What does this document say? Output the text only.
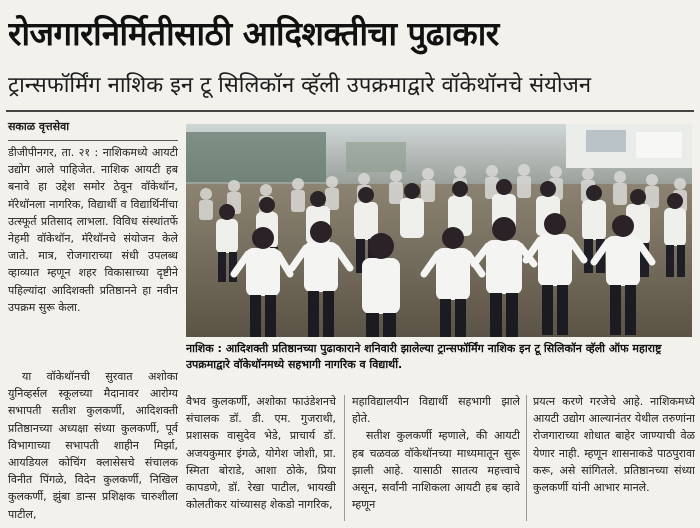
रोजगारनिर्मितीसाठी आदिशक्तीचा पुढाकार
ट्रान्सफॉर्मिंग नाशिक इन टू सिलिकॉन व्हॅली उपक्रमाद्वारे वॉकेथॉनचे संयोजन
सकाळ वृत्तसेवा

डीजीपीनगर, ता. २१ : नाशिकमध्ये आयटी उद्योग आले पाहिजेत. नाशिक आयटी हब बनावे हा उद्देश समोर ठेवून वॉकेथॉन, मॅरेथॉनला नागरिक, विद्यार्थी व विद्यार्थिनींचा उत्स्फूर्त प्रतिसाद लाभला. विविध संस्थांतर्फे नेहमी वॉकेथॉन, मॅरेथॉनचे संयोजन केले जाते. मात्र, रोजगाराच्या संधी उपलब्ध व्हाव्यात म्हणून शहर विकासाच्या दृष्टीने पहिल्यांदा आदिशक्ती प्रतिष्ठानने हा नवीन उपक्रम सुरू केला.

या वॉकेथॉनची सुरवात अशोका युनिव्हर्सल स्कूलच्या मैदानावर आरोग्य सभापती सतीश कुलकर्णी, आदिशक्ती प्रतिष्ठानच्या अध्यक्षा संध्या कुलकर्णी, पूर्व विभागाच्या सभापती शाहीन मिर्झा, आयडियल कोचिंग क्लासेसचे संचालक विनीत पिंगळे, विदेन कुलकर्णी, निखिल कुलकर्णी, झुंबा डान्स प्रशिक्षक चारुशीला पाटील,

नाशिक : आदिशक्ती प्रतिष्ठानच्या पुढाकाराने शनिवारी झालेल्या ट्रान्सफॉर्मिंग नाशिक इन टू सिलिकॉन व्हॅली ऑफ महाराष्ट्र उपक्रमाद्वारे वॉकेथॉनमध्ये सहभागी नागरिक व विद्यार्थी.

वैभव कुलकर्णी, अशोका फाउंडेशनचे संचालक डॉ. डी. एम. गुजराथी, प्रशासक वासुदेव भेडे, प्राचार्य डॉ. अजयकुमार इंगळे, योगेश जोशी, प्रा. स्मिता बोराडे, आशा ठोके, प्रिया कापडणे, डॉ. रेखा पाटील, भायखी कोलतीकर यांच्यासह शेकडो नागरिक,

महाविद्यालयीन विद्यार्थी सहभागी झाले होते.

सतीश कुलकर्णी म्हणाले, की आयटी हब चळवळ वॉकेथॉनच्या माध्यमातून सुरू झाली आहे. यासाठी सातत्य महत्त्वाचे असून, सर्वांनी नाशिकला आयटी हब व्हावे म्हणून

प्रयत्न करणे गरजेचे आहे. नाशिकमध्ये आयटी उद्योग आल्यानंतर येथील तरुणांना रोजगाराच्या शोधात बाहेर जाण्याची वेळ येणार नाही. म्हणून शासनाकडे पाठपुरावा करू, असे सांगितले. प्रतिष्ठानच्या संध्या कुलकर्णी यांनी आभार मानले.
